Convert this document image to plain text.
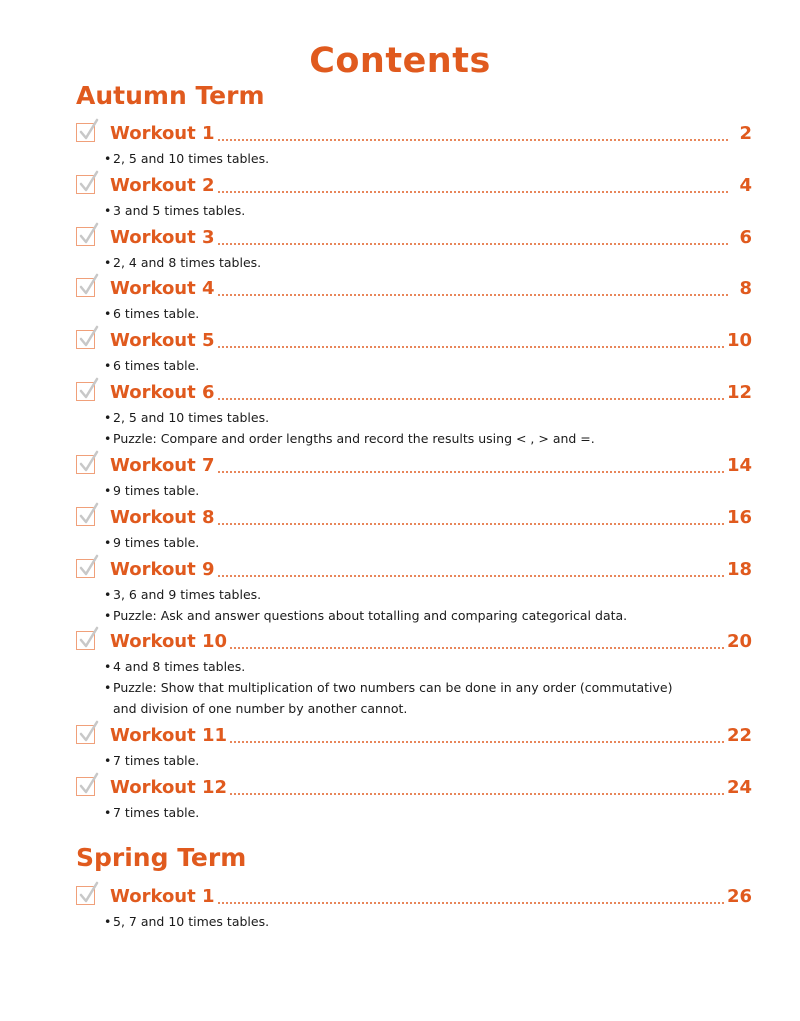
Contents
Autumn Term
Workout 1	2
• 2, 5 and 10 times tables.
Workout 2	4
• 3 and 5 times tables.
Workout 3	6
• 2, 4 and 8 times tables.
Workout 4	8
• 6 times table.
Workout 5	10
• 6 times table.
Workout 6	12
• 2, 5 and 10 times tables.
• Puzzle: Compare and order lengths and record the results using < , > and =.
Workout 7	14
• 9 times table.
Workout 8	16
• 9 times table.
Workout 9	18
• 3, 6 and 9 times tables.
• Puzzle: Ask and answer questions about totalling and comparing categorical data.
Workout 10	20
• 4 and 8 times tables.
• Puzzle: Show that multiplication of two numbers can be done in any order (commutative)
and division of one number by another cannot.
Workout 11	22
• 7 times table.
Workout 12	24
• 7 times table.
Spring Term
Workout 1	26
• 5, 7 and 10 times tables.
